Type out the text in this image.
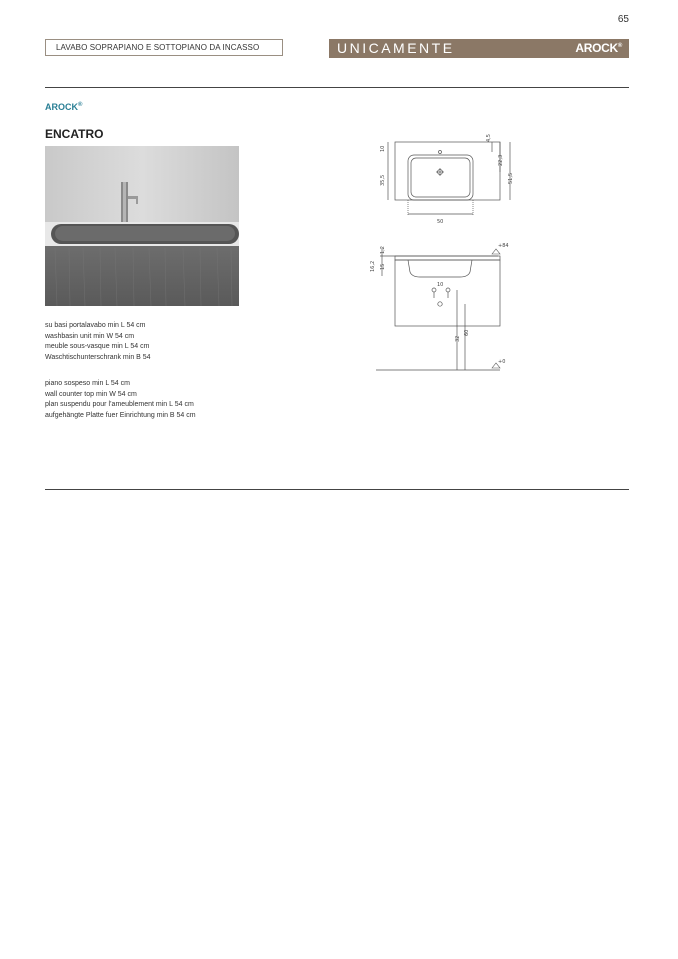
65
LAVABO SOPRAPIANO E SOTTOPIANO DA INCASSO	UNICAMENTE	AROCK®
AROCK®
ENCATRO
su basi portalavabo min L 54 cm
washbasin unit min W 54 cm
meuble sous-vasque min L 54 cm
Waschtischunterschrank min B 54
piano sospeso min L 54 cm
wall counter top min W 54 cm
plan suspendu pour l’ameublement min L 54 cm
aufgehängte Platte fuer Einrichtung min B 54 cm
10
35,5
50
4,5
22,3
51,5
1,2
16,2 15
10
32
60
+84
+0
